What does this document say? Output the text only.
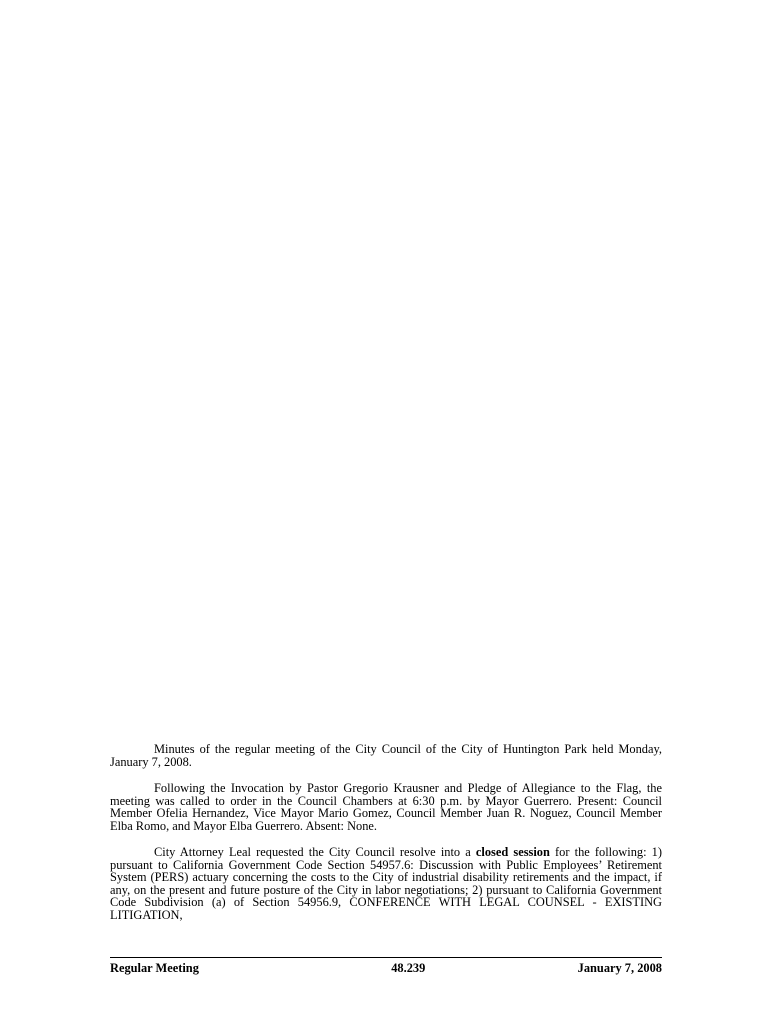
Minutes of the regular meeting of the City Council of the City of Huntington Park held Monday, January 7, 2008.

Following the Invocation by Pastor Gregorio Krausner and Pledge of Allegiance to the Flag, the meeting was called to order in the Council Chambers at 6:30 p.m. by Mayor Guerrero. Present: Council Member Ofelia Hernandez, Vice Mayor Mario Gomez, Council Member Juan R. Noguez, Council Member Elba Romo, and Mayor Elba Guerrero. Absent: None.

City Attorney Leal requested the City Council resolve into a closed session for the following: 1) pursuant to California Government Code Section 54957.6: Discussion with Public Employees’ Retirement System (PERS) actuary concerning the costs to the City of industrial disability retirements and the impact, if any, on the present and future posture of the City in labor negotiations; 2) pursuant to California Government Code Subdivision (a) of Section 54956.9, CONFERENCE WITH LEGAL COUNSEL - EXISTING LITIGATION,

Regular Meeting	48.239	January 7, 2008
